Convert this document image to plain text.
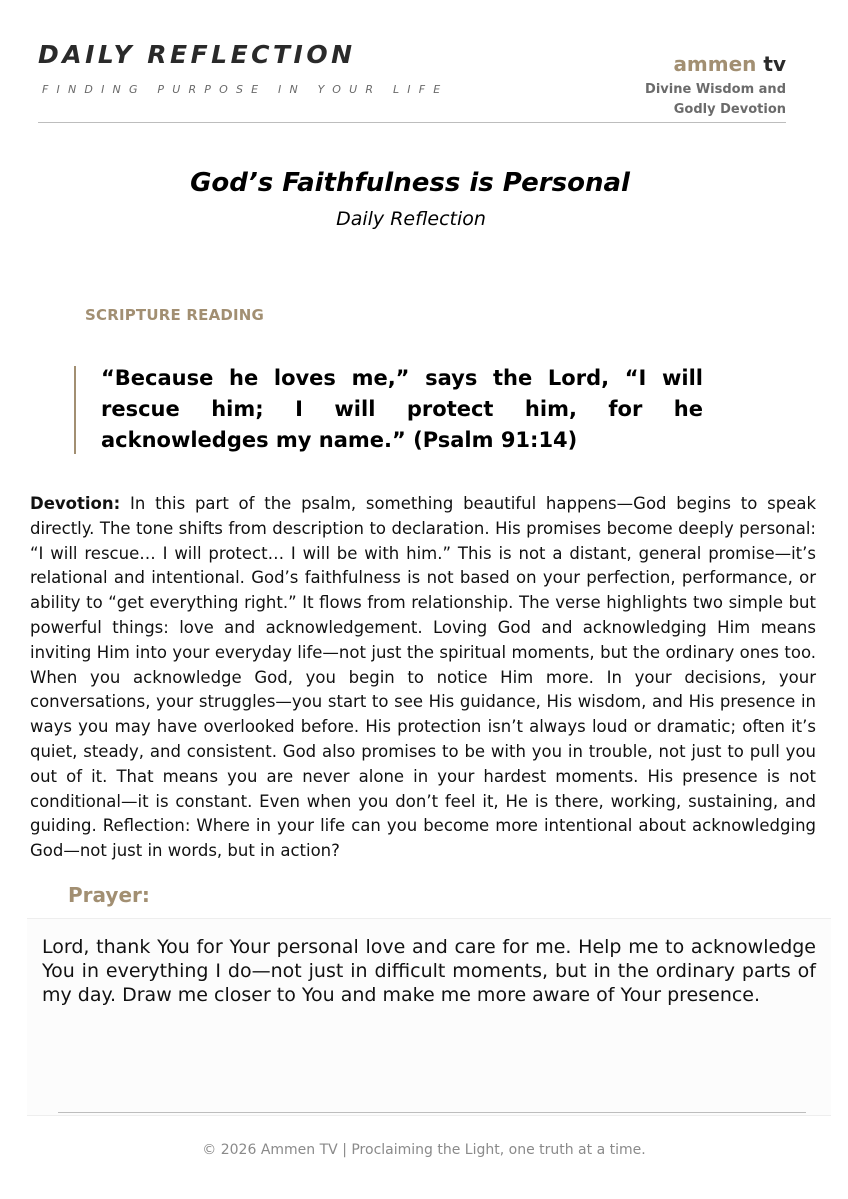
DAILY REFLECTION
FINDING PURPOSE IN YOUR LIFE
ammen tv
Divine Wisdom and
Godly Devotion
God’s Faithfulness is Personal
Daily Reflection
SCRIPTURE READING
“Because he loves me,” says the Lord, “I will rescue him; I will protect him, for he acknowledges my name.” (Psalm 91:14)
Devotion: In this part of the psalm, something beautiful happens—God begins to speak directly. The tone shifts from description to declaration. His promises become deeply personal: “I will rescue… I will protect… I will be with him.” This is not a distant, general promise—it’s relational and intentional. God’s faithfulness is not based on your perfection, performance, or ability to “get everything right.” It flows from relationship. The verse highlights two simple but powerful things: love and acknowledgement. Loving God and acknowledging Him means inviting Him into your everyday life—not just the spiritual moments, but the ordinary ones too. When you acknowledge God, you begin to notice Him more. In your decisions, your conversations, your struggles—you start to see His guidance, His wisdom, and His presence in ways you may have overlooked before. His protection isn’t always loud or dramatic; often it’s quiet, steady, and consistent. God also promises to be with you in trouble, not just to pull you out of it. That means you are never alone in your hardest moments. His presence is not conditional—it is constant. Even when you don’t feel it, He is there, working, sustaining, and guiding. Reflection: Where in your life can you become more intentional about acknowledging God—not just in words, but in action?
Prayer:
Lord, thank You for Your personal love and care for me. Help me to acknowledge You in everything I do—not just in difficult moments, but in the ordinary parts of my day. Draw me closer to You and make me more aware of Your presence.
© 2026 Ammen TV | Proclaiming the Light, one truth at a time.
